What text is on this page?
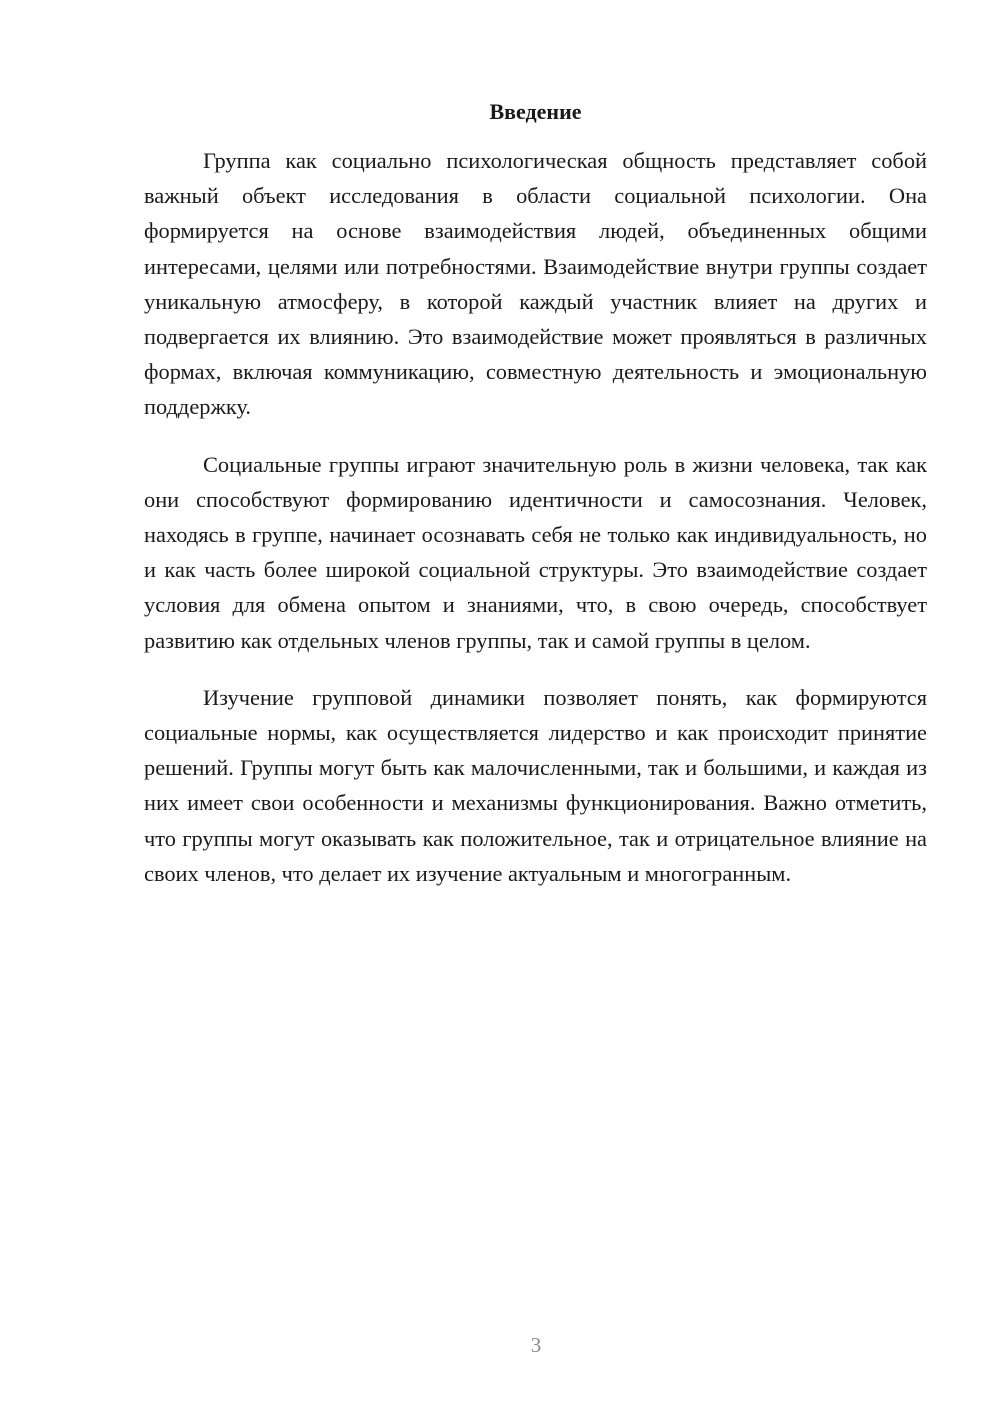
Введение

Группа как социально психологическая общность представляет собой важный объект исследования в области социальной психологии. Она формируется на основе взаимодействия людей, объединенных общими интересами, целями или потребностями. Взаимодействие внутри группы создает уникальную атмосферу, в которой каждый участник влияет на других и подвергается их влиянию. Это взаимодействие может проявляться в различных формах, включая коммуникацию, совместную деятельность и эмоциональную поддержку.

Социальные группы играют значительную роль в жизни человека, так как они способствуют формированию идентичности и самосознания. Человек, находясь в группе, начинает осознавать себя не только как индивидуальность, но и как часть более широкой социальной структуры. Это взаимодействие создает условия для обмена опытом и знаниями, что, в свою очередь, способствует развитию как отдельных членов группы, так и самой группы в целом.

Изучение групповой динамики позволяет понять, как формируются социальные нормы, как осуществляется лидерство и как происходит принятие решений. Группы могут быть как малочисленными, так и большими, и каждая из них имеет свои особенности и механизмы функционирования. Важно отметить, что группы могут оказывать как положительное, так и отрицательное влияние на своих членов, что делает их изучение актуальным и многогранным.

3
